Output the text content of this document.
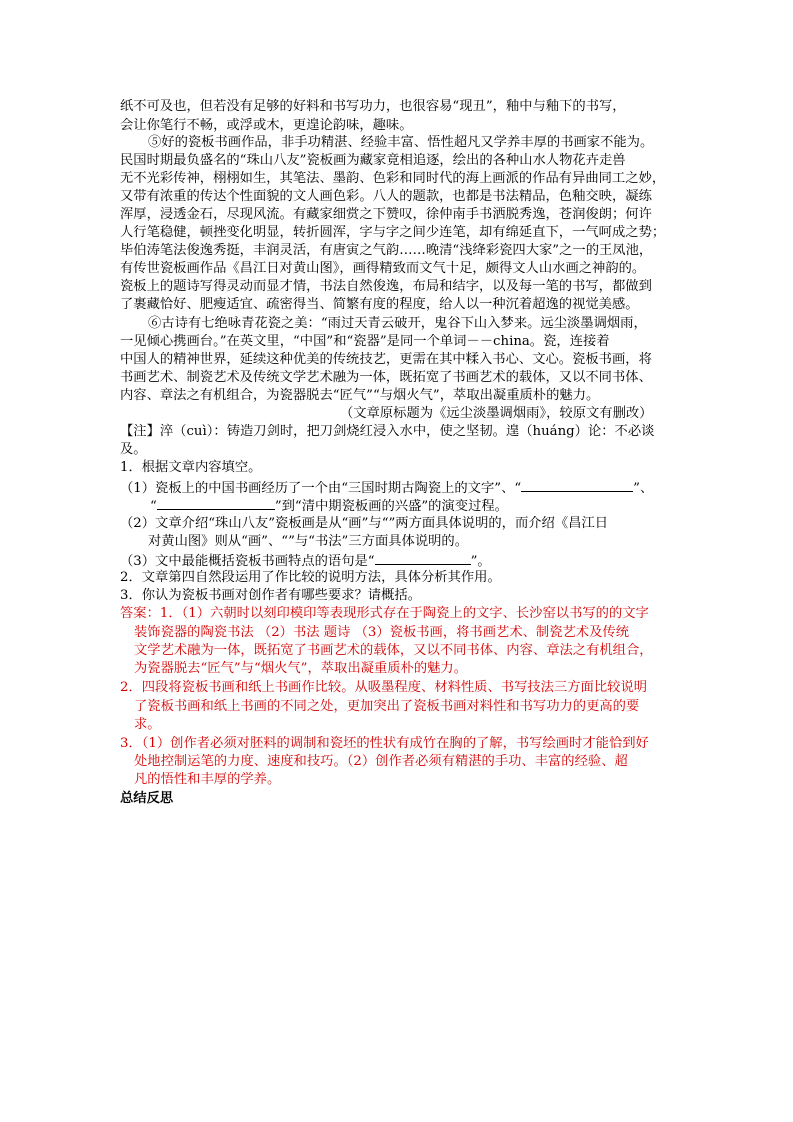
纸不可及也，但若没有足够的好料和书写功力，也很容易“现丑”，釉中与釉下的书写，
会让你笔行不畅，或浮或木，更遑论韵味，趣味。
⑤好的瓷板书画作品，非手功精湛、经验丰富、悟性超凡又学养丰厚的书画家不能为。
民国时期最负盛名的“珠山八友”瓷板画为藏家竟相追逐，绘出的各种山水人物花卉走兽
无不光彩传神，栩栩如生，其笔法、墨韵、色彩和同时代的海上画派的作品有异曲同工之妙，
又带有浓重的传达个性面貌的文人画色彩。八人的题款，也都是书法精品，色釉交映，凝练
浑厚，浸透金石，尽现风流。有藏家细赏之下赞叹，徐仲南手书洒脱秀逸，苍润俊朗；何许
人行笔稳健，顿挫变化明显，转折圆浑，字与字之间少连笔，却有绵延直下，一气呵成之势；
毕伯涛笔法俊逸秀挺，丰润灵活，有唐寅之气韵……晚清“浅绛彩瓷四大家”之一的王凤池，
有传世瓷板画作品《昌江日对黄山图》，画得精致而文气十足，颇得文人山水画之神韵的。
瓷板上的题诗写得灵动而显才情，书法自然俊逸，布局和结字，以及每一笔的书写，都做到
了裹藏恰好、肥瘦适宜、疏密得当、简繁有度的程度，给人以一种沉着超逸的视觉美感。
⑥古诗有七绝咏青花瓷之美：“雨过天青云破开，鬼谷下山入梦来。远尘淡墨调烟雨，
一见倾心携画台。”在英文里，“中国”和“瓷器”是同一个单词－－china。瓷，连接着
中国人的精神世界，延续这种优美的传统技艺，更需在其中糅入书心、文心。瓷板书画，将
书画艺术、制瓷艺术及传统文学艺术融为一体，既拓宽了书画艺术的载体，又以不同书体、
内容、章法之有机组合，为瓷器脱去“匠气”“与烟火气”，萃取出凝重质朴的魅力。
（文章原标题为《远尘淡墨调烟雨》，较原文有删改）
【注】淬（cuì）：铸造刀剑时，把刀剑烧红浸入水中，使之坚韧。遑（huáng）论：不必谈
及。
1．根据文章内容填空。
（1）瓷板上的中国书画经历了一个由“三国时期古陶瓷上的文字”、“	”、
“	”到“清中期瓷板画的兴盛”的演变过程。
（2）文章介绍“珠山八友”瓷板画是从“画”与“”两方面具体说明的，而介绍《昌江日
对黄山图》则从“画”、“”与“书法”三方面具体说明的。
（3）文中最能概括瓷板书画特点的语句是“	”。
2．文章第四自然段运用了作比较的说明方法，具体分析其作用。
3．你认为瓷板书画对创作者有哪些要求？请概括。
答案：1．（1）六朝时以刻印模印等表现形式存在于陶瓷上的文字、长沙窑以书写的的文字
装饰瓷器的陶瓷书法 （2）书法 题诗 （3）瓷板书画，将书画艺术、制瓷艺术及传统
文学艺术融为一体，既拓宽了书画艺术的载体，又以不同书体、内容、章法之有机组合，
为瓷器脱去“匠气”与“烟火气”，萃取出凝重质朴的魅力。
2．四段将瓷板书画和纸上书画作比较。从吸墨程度、材料性质、书写技法三方面比较说明
了瓷板书画和纸上书画的不同之处，更加突出了瓷板书画对料性和书写功力的更高的要
求。
3．（1）创作者必须对胚料的调制和瓷坯的性状有成竹在胸的了解，书写绘画时才能恰到好
处地控制运笔的力度、速度和技巧。（2）创作者必须有精湛的手功、丰富的经验、超
凡的悟性和丰厚的学养。
总结反思
